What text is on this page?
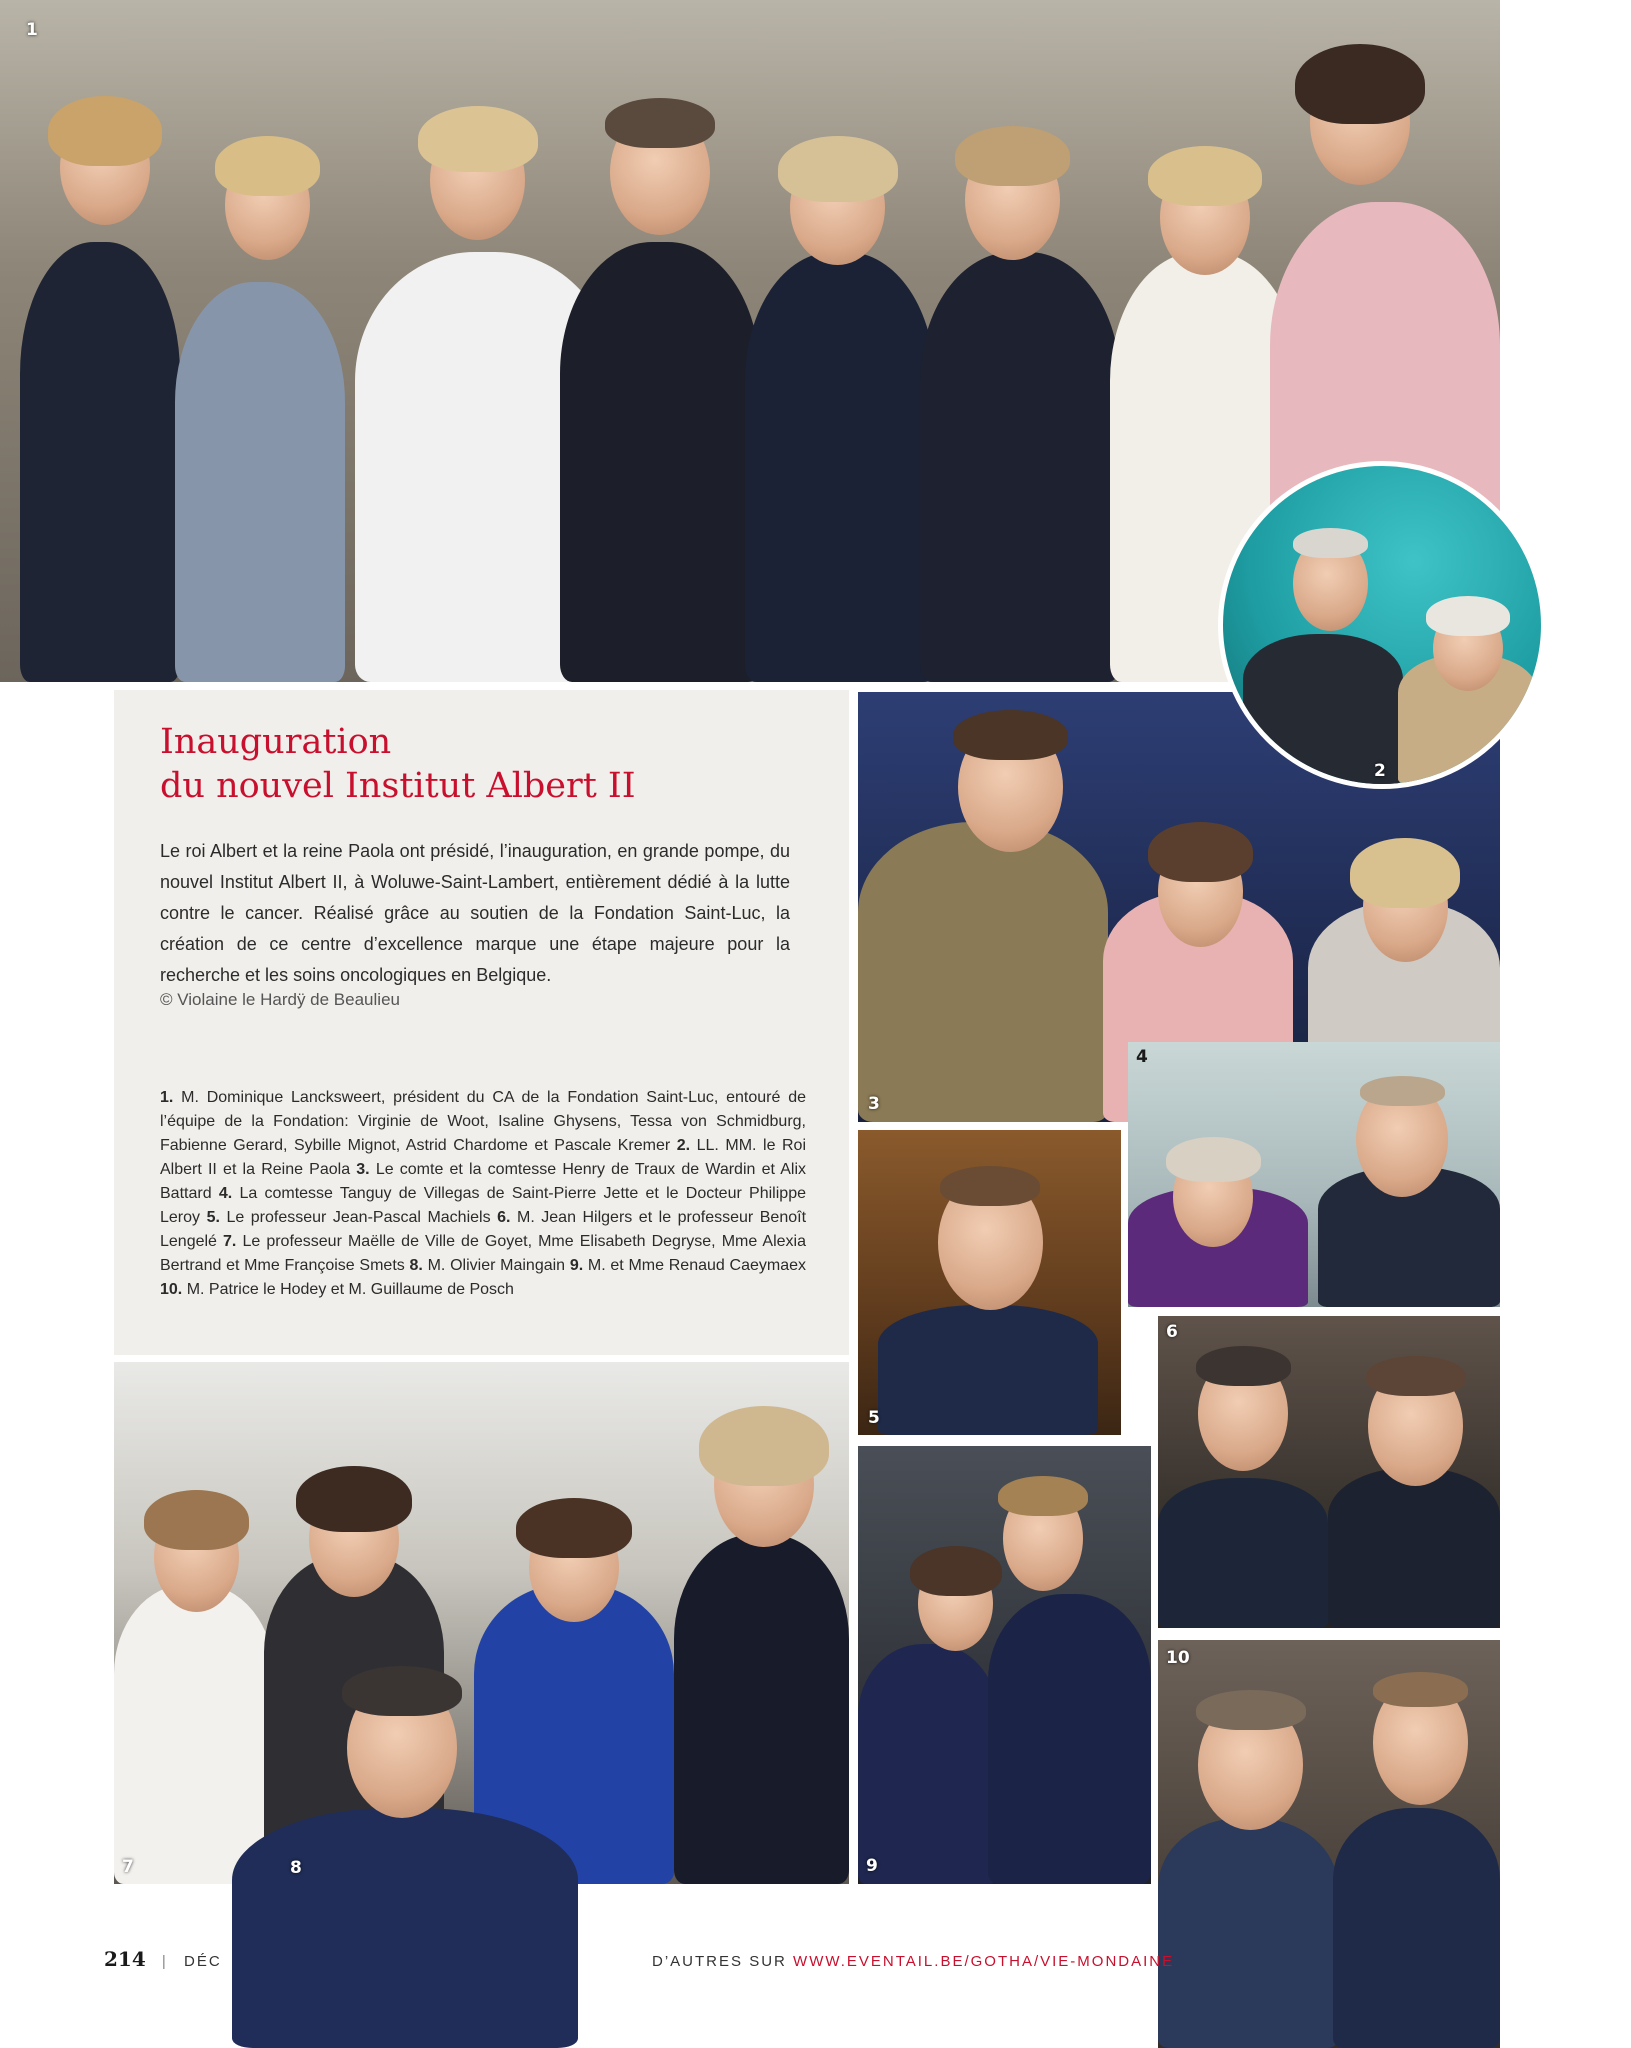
1
Inauguration
du nouvel Institut Albert II

Le roi Albert et la reine Paola ont présidé, l’inauguration, en grande pompe, du nouvel Institut Albert II, à Woluwe-Saint-Lambert, entièrement dédié à la lutte contre le cancer. Réalisé grâce au soutien de la Fondation Saint-Luc, la création de ce centre d’excellence marque une étape majeure pour la recherche et les soins oncologiques en Belgique.

© Violaine le Hardÿ de Beaulieu

1. M. Dominique Lancksweert, président du CA de la Fondation Saint-Luc, entouré de l’équipe de la Fondation: Virginie de Woot, Isaline Ghysens, Tessa von Schmidburg, Fabienne Gerard, Sybille Mignot, Astrid Chardome et Pascale Kremer 2. LL. MM. le Roi Albert II et la Reine Paola 3. Le comte et la comtesse Henry de Traux de Wardin et Alix Battard 4. La comtesse Tanguy de Villegas de Saint-Pierre Jette et le Docteur Philippe Leroy 5. Le professeur Jean-Pascal Machiels 6. M. Jean Hilgers et le professeur Benoît Lengelé 7. Le professeur Maëlle de Ville de Goyet, Mme Elisabeth Degryse, Mme Alexia Bertrand et Mme Françoise Smets 8. M. Olivier Maingain 9. M. et Mme Renaud Caeymaex 10. M. Patrice le Hodey et M. Guillaume de Posch

3
2
4
5
6
7	8	9
10
214 | DÉC	D’AUTRES SUR WWW.EVENTAIL.BE/GOTHA/VIE-MONDAINE
